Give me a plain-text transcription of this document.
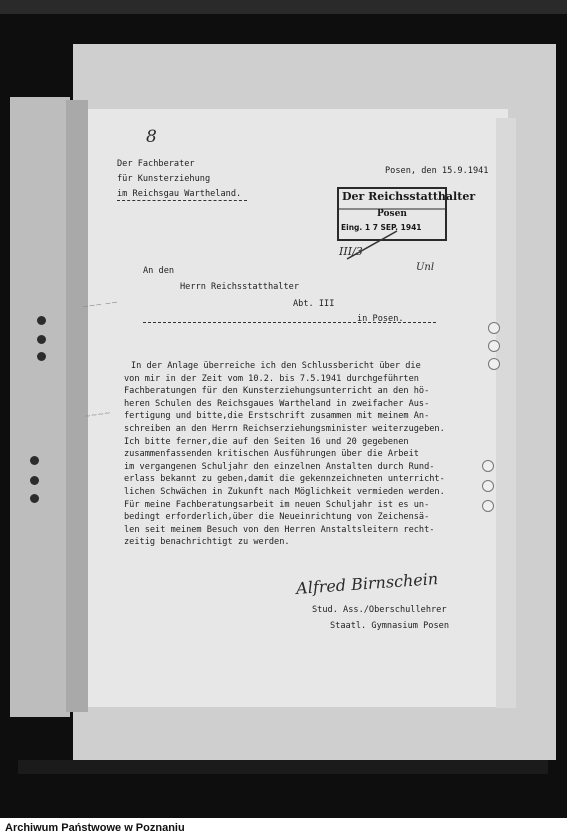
8
Der Fachberater
für Kunsterziehung
im Reichsgau Wartheland.
Posen, den 15.9.1941
Der Reichsstatthalter
Posen
Eing. 1 7 SEP. 1941
III/3
Unl
An den
Herrn Reichsstatthalter
Abt. III
in Posen.
~~~ ~~
~~~~
In der Anlage überreiche ich den Schlussbericht über die
von mir in der Zeit vom 10.2. bis 7.5.1941 durchgeführten
Fachberatungen für den Kunsterziehungsunterricht an den hö-
heren Schulen des Reichsgaues Wartheland in zweifacher Aus-
fertigung und bitte,die Erstschrift zusammen mit meinem An-
schreiben an den Herrn Reichserziehungsminister weiterzugeben.
Ich bitte ferner,die auf den Seiten 16 und 20 gegebenen
zusammenfassenden kritischen Ausführungen über die Arbeit
im vergangenen Schuljahr den einzelnen Anstalten durch Rund-
erlass bekannt zu geben,damit die gekennzeichneten unterricht-
lichen Schwächen in Zukunft nach Möglichkeit vermieden werden.
Für meine Fachberatungsarbeit im neuen Schuljahr ist es un-
bedingt erforderlich,über die Neueinrichtung von Zeichensä-
len seit meinem Besuch von den Herren Anstaltsleitern recht-
zeitig benachrichtigt zu werden.
Alfred Birnschein
Stud. Ass./Oberschullehrer
Staatl. Gymnasium Posen
Archiwum Państwowe w Poznaniu
